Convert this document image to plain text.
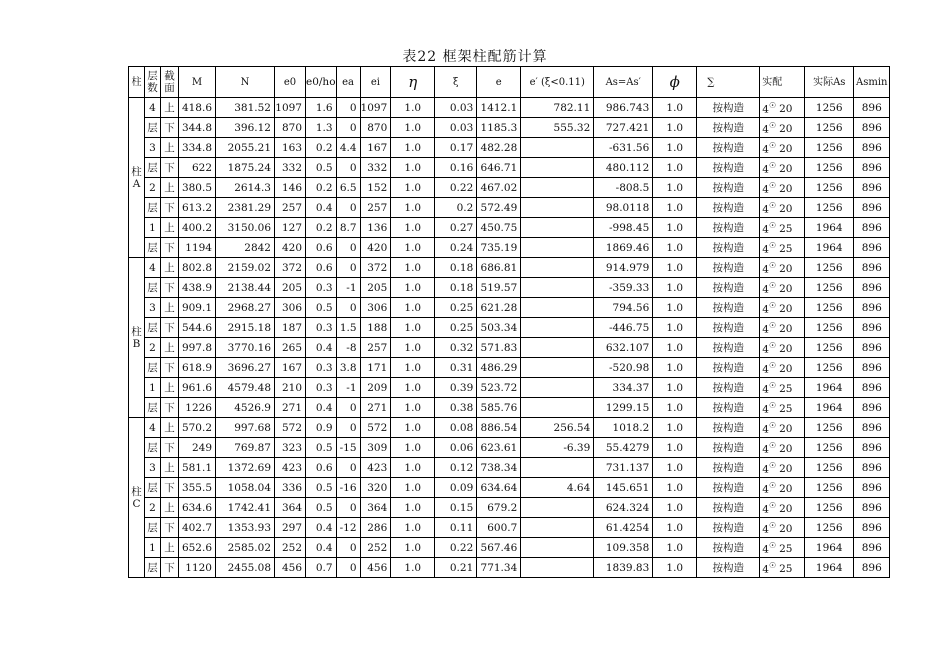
表22 框架柱配筋计算
柱	层数	截面	M	N	e0	e0/ho	ea	ei	η	ξ	e	e′ (ξ<0.11)	As=As′	ϕ	∑	实配	实际As	Asmin
柱A	4	上	418.6	381.52	1097	1.6	0	1097	1.0	0.03	1412.1	782.11	986.743	1.0	按构造	4☉ 20	1256	896
	层	下	344.8	396.12	870	1.3	0	870	1.0	0.03	1185.3	555.32	727.421	1.0	按构造	4☉ 20	1256	896
	3	上	334.8	2055.21	163	0.2	4.4	167	1.0	0.17	482.28		-631.56	1.0	按构造	4☉ 20	1256	896
	层	下	622	1875.24	332	0.5	0	332	1.0	0.16	646.71		480.112	1.0	按构造	4☉ 20	1256	896
	2	上	380.5	2614.3	146	0.2	6.5	152	1.0	0.22	467.02		-808.5	1.0	按构造	4☉ 20	1256	896
	层	下	613.2	2381.29	257	0.4	0	257	1.0	0.2	572.49		98.0118	1.0	按构造	4☉ 20	1256	896
	1	上	400.2	3150.06	127	0.2	8.7	136	1.0	0.27	450.75		-998.45	1.0	按构造	4☉ 25	1964	896
	层	下	1194	2842	420	0.6	0	420	1.0	0.24	735.19		1869.46	1.0	按构造	4☉ 25	1964	896
柱B	4	上	802.8	2159.02	372	0.6	0	372	1.0	0.18	686.81		914.979	1.0	按构造	4☉ 20	1256	896
	层	下	438.9	2138.44	205	0.3	-1	205	1.0	0.18	519.57		-359.33	1.0	按构造	4☉ 20	1256	896
	3	上	909.1	2968.27	306	0.5	0	306	1.0	0.25	621.28		794.56	1.0	按构造	4☉ 20	1256	896
	层	下	544.6	2915.18	187	0.3	1.5	188	1.0	0.25	503.34		-446.75	1.0	按构造	4☉ 20	1256	896
	2	上	997.8	3770.16	265	0.4	-8	257	1.0	0.32	571.83		632.107	1.0	按构造	4☉ 20	1256	896
	层	下	618.9	3696.27	167	0.3	3.8	171	1.0	0.31	486.29		-520.98	1.0	按构造	4☉ 20	1256	896
	1	上	961.6	4579.48	210	0.3	-1	209	1.0	0.39	523.72		334.37	1.0	按构造	4☉ 25	1964	896
	层	下	1226	4526.9	271	0.4	0	271	1.0	0.38	585.76		1299.15	1.0	按构造	4☉ 25	1964	896
柱C	4	上	570.2	997.68	572	0.9	0	572	1.0	0.08	886.54	256.54	1018.2	1.0	按构造	4☉ 20	1256	896
	层	下	249	769.87	323	0.5	-15	309	1.0	0.06	623.61	-6.39	55.4279	1.0	按构造	4☉ 20	1256	896
	3	上	581.1	1372.69	423	0.6	0	423	1.0	0.12	738.34		731.137	1.0	按构造	4☉ 20	1256	896
	层	下	355.5	1058.04	336	0.5	-16	320	1.0	0.09	634.64	4.64	145.651	1.0	按构造	4☉ 20	1256	896
	2	上	634.6	1742.41	364	0.5	0	364	1.0	0.15	679.2		624.324	1.0	按构造	4☉ 20	1256	896
	层	下	402.7	1353.93	297	0.4	-12	286	1.0	0.11	600.7		61.4254	1.0	按构造	4☉ 20	1256	896
	1	上	652.6	2585.02	252	0.4	0	252	1.0	0.22	567.46		109.358	1.0	按构造	4☉ 25	1964	896
	层	下	1120	2455.08	456	0.7	0	456	1.0	0.21	771.34		1839.83	1.0	按构造	4☉ 25	1964	896
